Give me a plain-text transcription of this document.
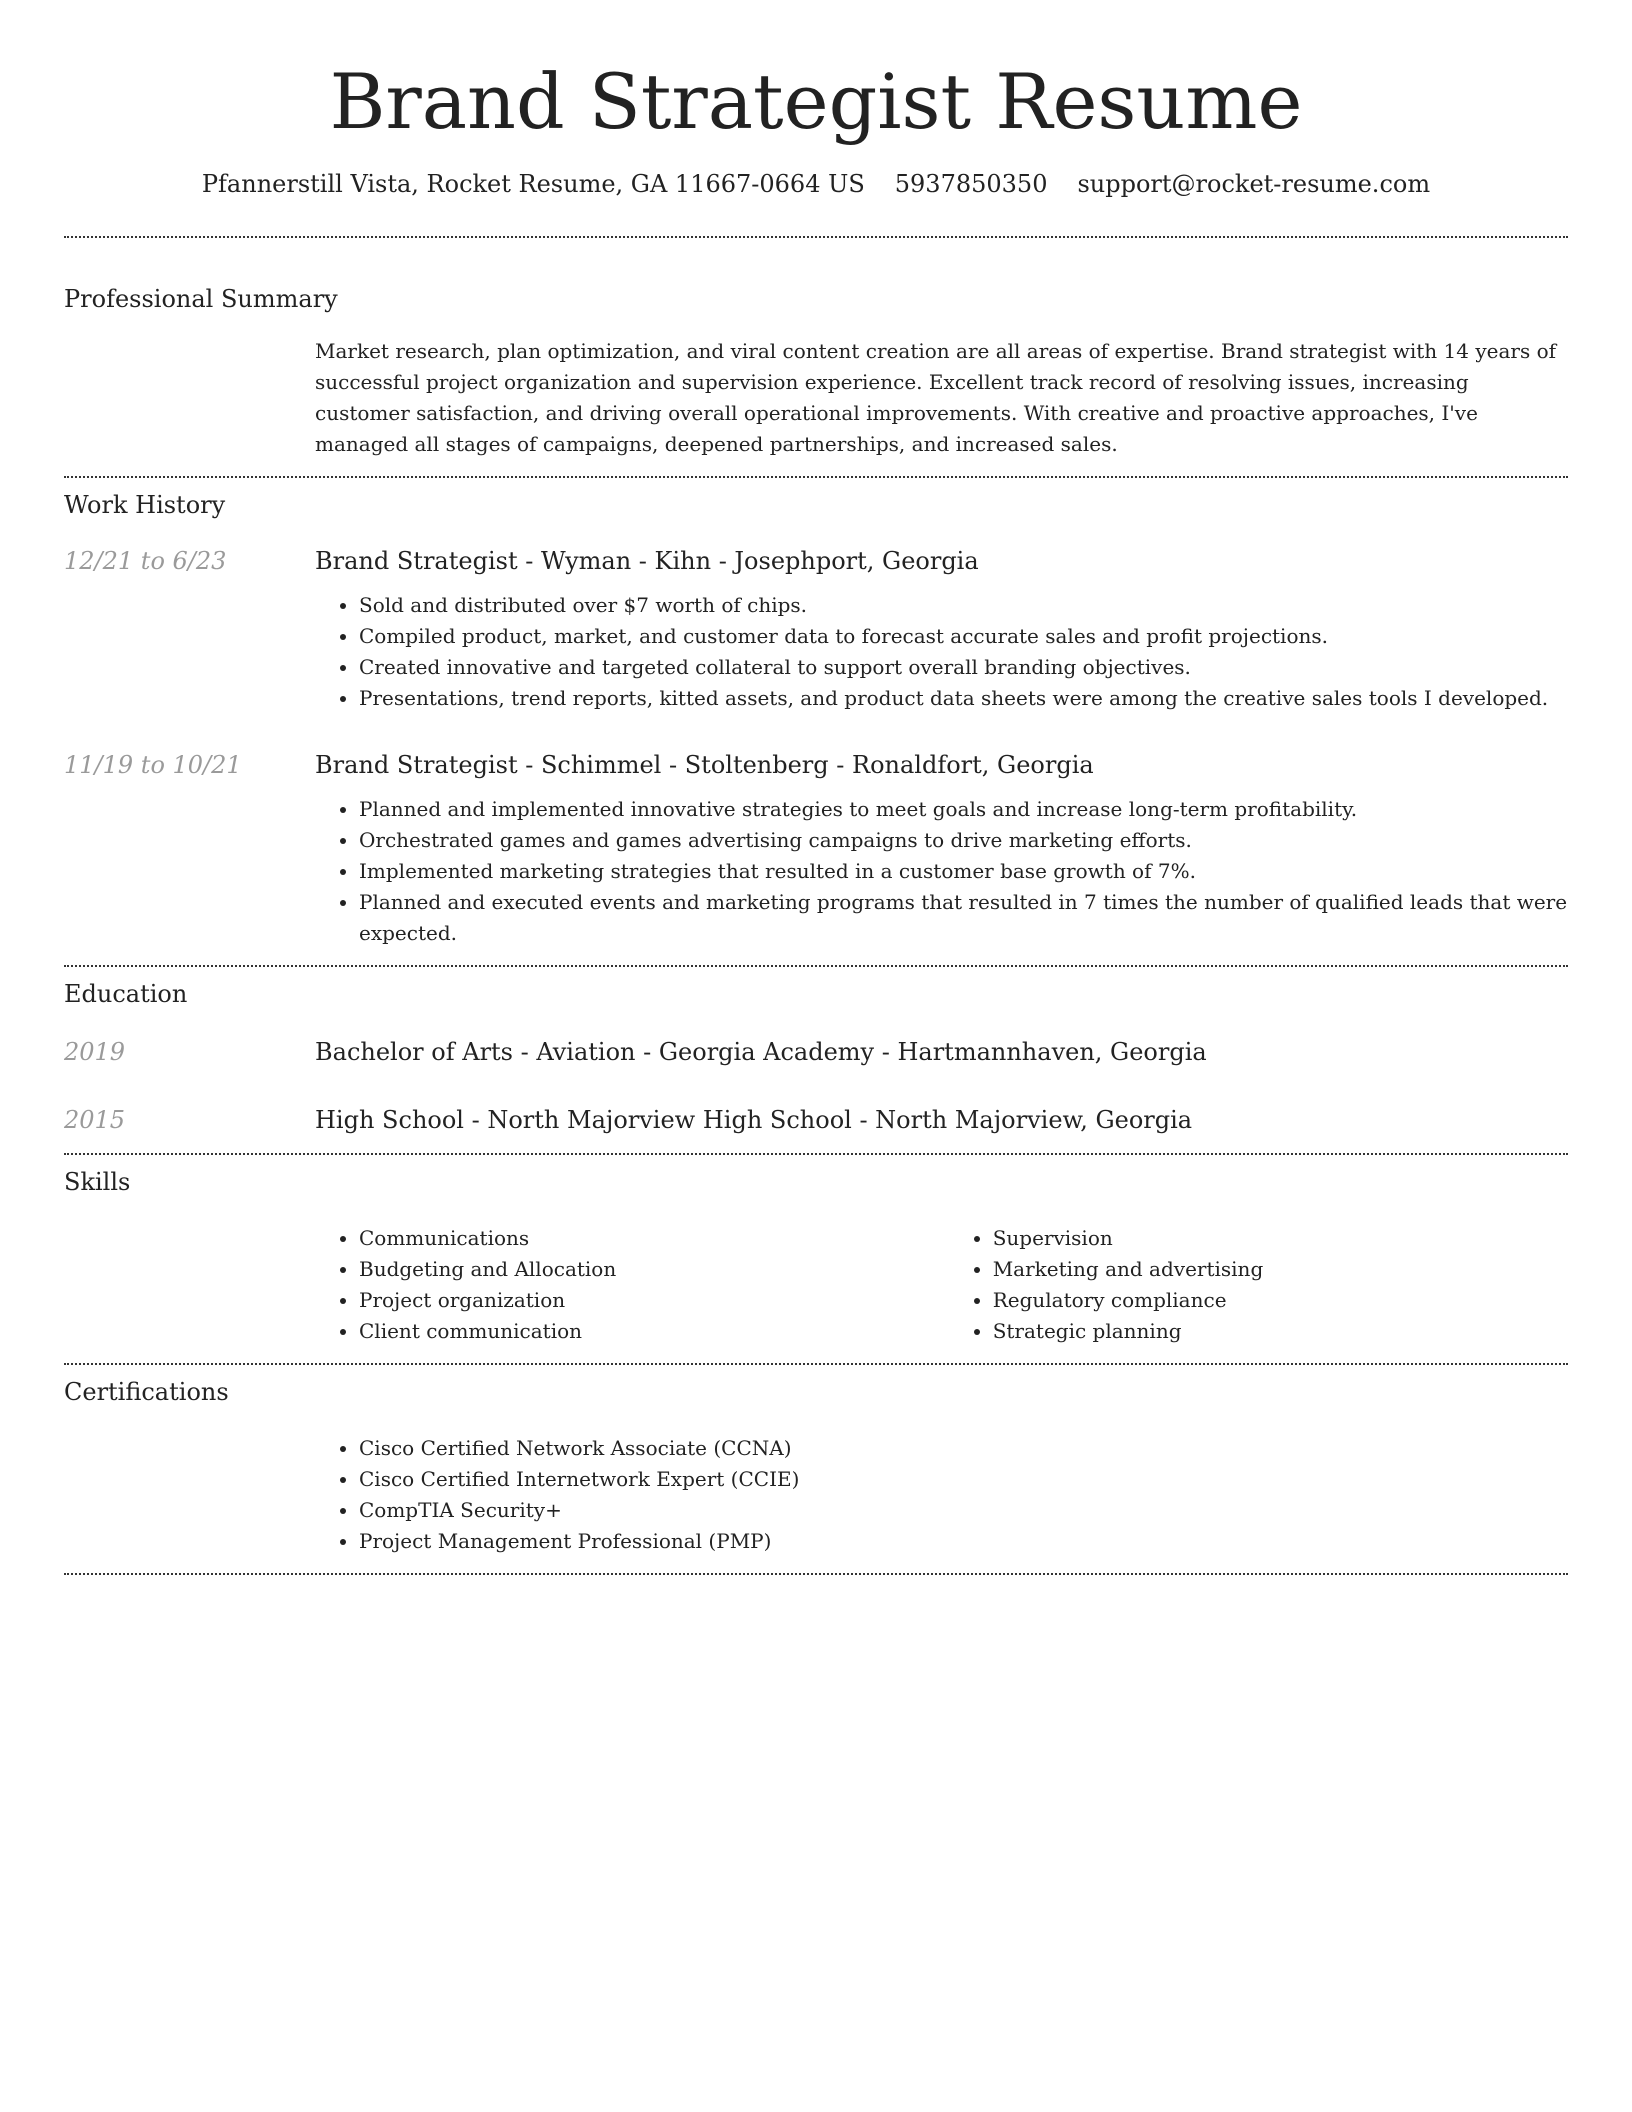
Brand Strategist Resume
Pfannerstill Vista, Rocket Resume, GA 11667-0664 US 5937850350 support@rocket-resume.com
Professional Summary
Market research, plan optimization, and viral content creation are all areas of expertise. Brand strategist with 14 years of successful project organization and supervision experience. Excellent track record of resolving issues, increasing customer satisfaction, and driving overall operational improvements. With creative and proactive approaches, I've managed all stages of campaigns, deepened partnerships, and increased sales.
Work History
12/21 to 6/23	Brand Strategist - Wyman - Kihn - Josephport, Georgia
• Sold and distributed over $7 worth of chips.
• Compiled product, market, and customer data to forecast accurate sales and profit projections.
• Created innovative and targeted collateral to support overall branding objectives.
• Presentations, trend reports, kitted assets, and product data sheets were among the creative sales tools I developed.
11/19 to 10/21	Brand Strategist - Schimmel - Stoltenberg - Ronaldfort, Georgia
• Planned and implemented innovative strategies to meet goals and increase long-term profitability.
• Orchestrated games and games advertising campaigns to drive marketing efforts.
• Implemented marketing strategies that resulted in a customer base growth of 7%.
• Planned and executed events and marketing programs that resulted in 7 times the number of qualified leads that were expected.
Education
2019	Bachelor of Arts - Aviation - Georgia Academy - Hartmannhaven, Georgia
2015	High School - North Majorview High School - North Majorview, Georgia
Skills
• Communications
• Budgeting and Allocation
• Project organization
• Client communication
• Supervision
• Marketing and advertising
• Regulatory compliance
• Strategic planning
Certifications
• Cisco Certified Network Associate (CCNA)
• Cisco Certified Internetwork Expert (CCIE)
• CompTIA Security+
• Project Management Professional (PMP)
